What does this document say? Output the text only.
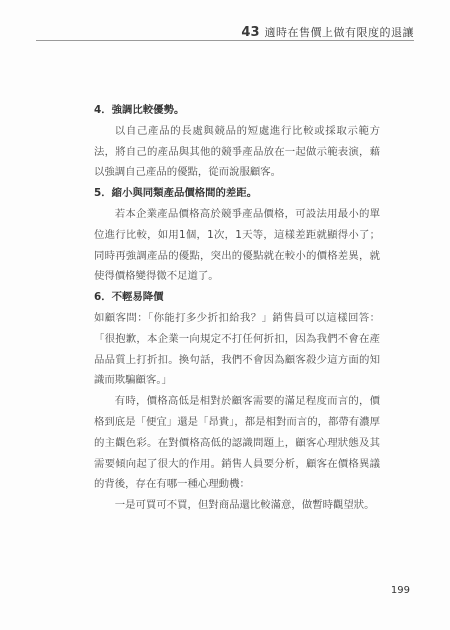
43 適時在售價上做有限度的退讓

4．強調比較優勢。

以自己產品的長處與競品的短處進行比較或採取示範方法，將自己的產品與其他的競爭產品放在一起做示範表演，藉以強調自己產品的優點，從而說服顧客。

5．縮小與同類產品價格間的差距。

若本企業產品價格高於競爭產品價格，可設法用最小的單位進行比較，如用1個，1次，1天等，這樣差距就顯得小了；同時再強調產品的優點，突出的優點就在較小的價格差異，就使得價格變得微不足道了。

6．不輕易降價

如顧客問：「你能打多少折扣給我？」銷售員可以這樣回答：「很抱歉，本企業一向規定不打任何折扣，因為我們不會在產品品質上打折扣。換句話，我們不會因為顧客殺少這方面的知識而欺騙顧客。」

有時，價格高低是相對於顧客需要的滿足程度而言的，價格到底是「便宜」還是「昂貴」，都是相對而言的，都帶有濃厚的主觀色彩。在對價格高低的認識問題上，顧客心理狀態及其需要傾向起了很大的作用。銷售人員要分析，顧客在價格異議的背後，存在有哪一種心理動機：

一是可買可不買，但對商品還比較滿意，做暫時觀望狀。

199
